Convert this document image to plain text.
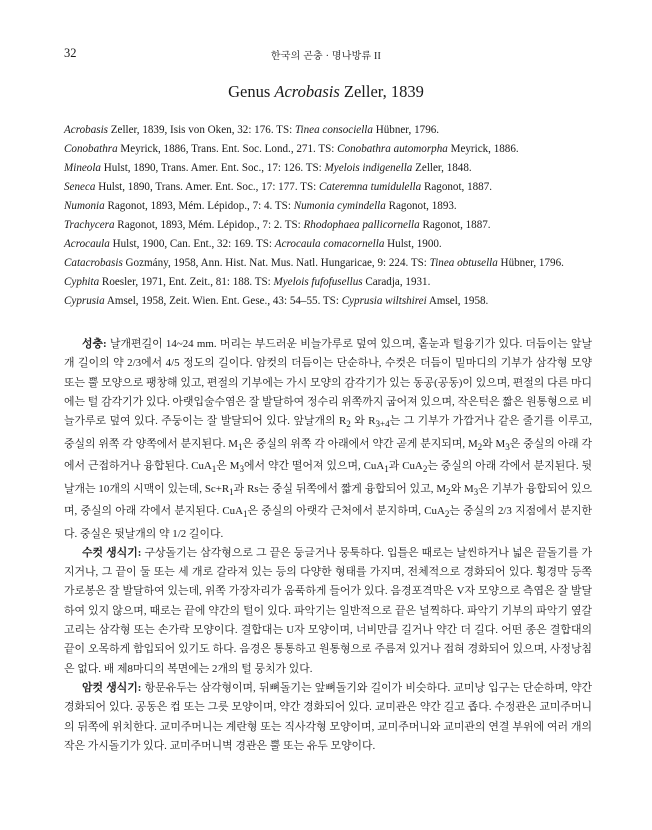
32	한국의 곤충 · 명나방류 II
Genus Acrobasis Zeller, 1839

Acrobasis Zeller, 1839, Isis von Oken, 32: 176. TS: Tinea consociella Hübner, 1796.

Conobathra Meyrick, 1886, Trans. Ent. Soc. Lond., 271. TS: Conobathra automorpha Meyrick, 1886.

Mineola Hulst, 1890, Trans. Amer. Ent. Soc., 17: 126. TS: Myelois indigenella Zeller, 1848.

Seneca Hulst, 1890, Trans. Amer. Ent. Soc., 17: 177. TS: Cateremna tumidulella Ragonot, 1887.

Numonia Ragonot, 1893, Mém. Lépidop., 7: 4. TS: Numonia cymindella Ragonot, 1893.

Trachycera Ragonot, 1893, Mém. Lépidop., 7: 2. TS: Rhodophaea pallicornella Ragonot, 1887.

Acrocaula Hulst, 1900, Can. Ent., 32: 169. TS: Acrocaula comacornella Hulst, 1900.

Catacrobasis Gozmány, 1958, Ann. Hist. Nat. Mus. Natl. Hungaricae, 9: 224. TS: Tinea obtusella Hübner, 1796.

Cyphita Roesler, 1971, Ent. Zeit., 81: 188. TS: Myelois fufofusellus Caradja, 1931.

Cyprusia Amsel, 1958, Zeit. Wien. Ent. Gese., 43: 54–55. TS: Cyprusia wiltshirei Amsel, 1958.

성충: 날개편길이 14~24 mm. 머리는 부드러운 비늘가루로 덮여 있으며, 홑눈과 털융기가 있다. 더듬이는 앞날개 길이의 약 2/3에서 4/5 정도의 길이다. 암컷의 더듬이는 단순하나, 수컷은 더듬이 밑마디의 기부가 삼각형 모양 또는 뿔 모양으로 팽창해 있고, 편절의 기부에는 가시 모양의 감각기가 있는 동공(공동)이 있으며, 편절의 다른 마디에는 털 감각기가 있다. 아랫입술수염은 잘 발달하여 정수리 위쪽까지 굽어져 있으며, 작은턱은 짧은 원통형으로 비늘가루로 덮여 있다. 주둥이는 잘 발달되어 있다. 앞날개의 $R_2$ 와 $R_{3+4}$는 그 기부가 가깝거나 같은 줄기를 이루고, 중실의 위쪽 각 양쪽에서 분지된다. $M_1$은 중실의 위쪽 각 아래에서 약간 곧게 분지되며, $M_2$와 $M_3$은 중실의 아래 각에서 근접하거나 융합된다. CuA$_1$은 $M_3$에서 약간 떨어져 있으며, CuA$_1$과 CuA$_2$는 중실의 아래 각에서 분지된다. 뒷날개는 10개의 시맥이 있는데, $Sc+R_1$과 Rs는 중실 뒤쪽에서 짧게 융합되어 있고, $M_2$와 $M_3$은 기부가 융합되어 있으며, 중실의 아래 각에서 분지된다. CuA$_1$은 중실의 아랫각 근처에서 분지하며, CuA$_2$는 중실의 2/3 지점에서 분지한다. 중실은 뒷날개의 약 1/2 길이다.

수컷 생식기: 구상돌기는 삼각형으로 그 끝은 둥글거나 뭉툭하다. 입틀은 때로는 날씬하거나 넓은 끝돌기를 가지거나, 그 끝이 둘 또는 세 개로 갈라져 있는 등의 다양한 형태를 가지며, 전체적으로 경화되어 있다. 횡경막 등쪽 가로봉은 잘 발달하여 있는데, 위쪽 가장자리가 움푹하게 들어가 있다. 음경포격막은 V자 모양으로 측엽은 잘 발달하여 있지 않으며, 때로는 끝에 약간의 털이 있다. 파악기는 일반적으로 끝은 널찍하다. 파악기 기부의 파악기 옆갈고리는 삼각형 또는 손가락 모양이다. 결합대는 U자 모양이며, 너비만큼 길거나 약간 더 길다. 어떤 종은 결합대의 끝이 오목하게 함입되어 있기도 하다. 음경은 통통하고 원통형으로 주름져 있거나 접혀 경화되어 있으며, 사정낭침은 없다. 배 제8마디의 복면에는 2개의 털 뭉치가 있다.

암컷 생식기: 항문유두는 삼각형이며, 뒤뼈돌기는 앞뼈돌기와 길이가 비슷하다. 교미낭 입구는 단순하며, 약간 경화되어 있다. 공동은 컵 또는 그릇 모양이며, 약간 경화되어 있다. 교미관은 약간 길고 좁다. 수정관은 교미주머니의 뒤쪽에 위치한다. 교미주머니는 계란형 또는 직사각형 모양이며, 교미주머니와 교미관의 연결 부위에 여러 개의 작은 가시돌기가 있다. 교미주머니벽 경관은 뿔 또는 유두 모양이다.
